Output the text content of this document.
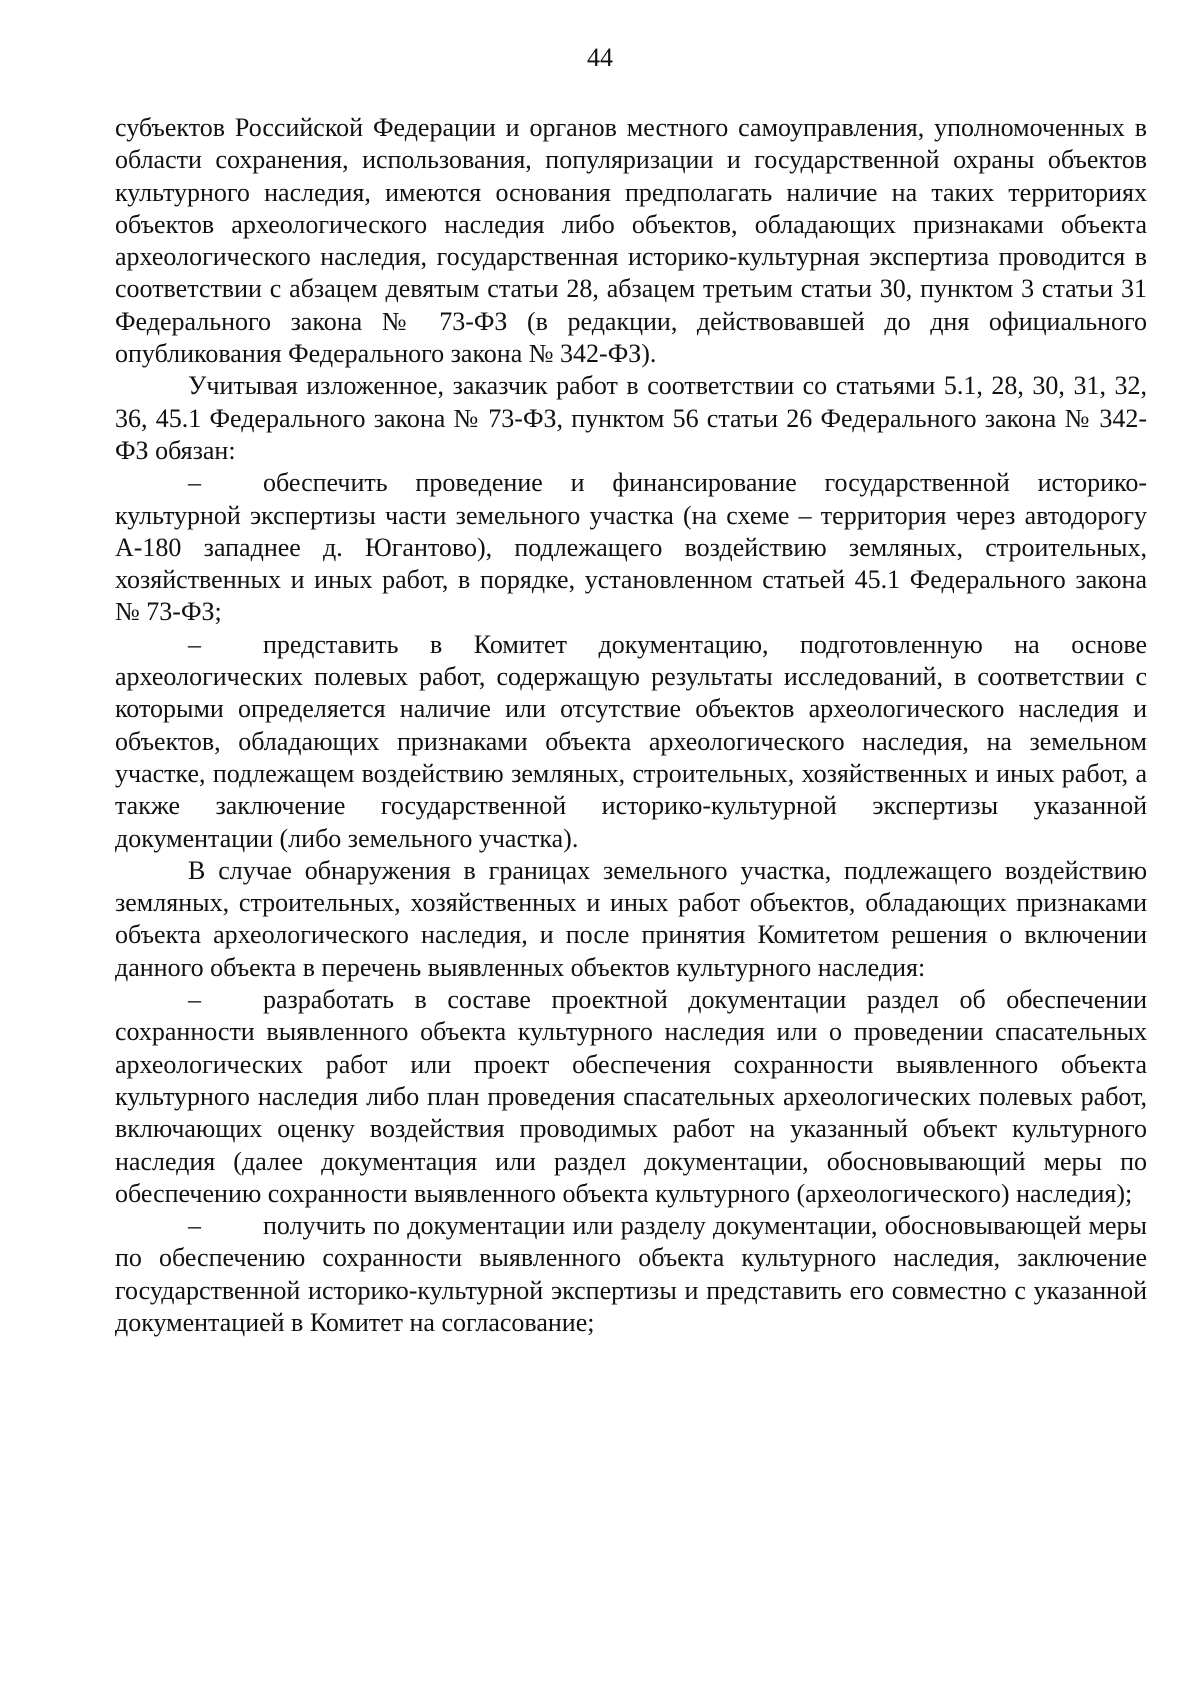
44

субъектов Российской Федерации и органов местного самоуправления, уполномоченных в области сохранения, использования, популяризации и государственной охраны объектов культурного наследия, имеются основания предполагать наличие на таких территориях объектов археологического наследия либо объектов, обладающих признаками объекта археологического наследия, государственная историко-культурная экспертиза проводится в соответствии с абзацем девятым статьи 28, абзацем третьим статьи 30, пунктом 3 статьи 31 Федерального закона № 73-ФЗ (в редакции, действовавшей до дня официального опубликования Федерального закона № 342-ФЗ).

Учитывая изложенное, заказчик работ в соответствии со статьями 5.1, 28, 30, 31, 32, 36, 45.1 Федерального закона № 73-ФЗ, пунктом 56 статьи 26 Федерального закона № 342-ФЗ обязан:

– обеспечить проведение и финансирование государственной историко-культурной экспертизы части земельного участка (на схеме – территория через автодорогу А-180 западнее д. Югантово), подлежащего воздействию земляных, строительных, хозяйственных и иных работ, в порядке, установленном статьей 45.1 Федерального закона № 73-ФЗ;

– представить в Комитет документацию, подготовленную на основе археологических полевых работ, содержащую результаты исследований, в соответствии с которыми определяется наличие или отсутствие объектов археологического наследия и объектов, обладающих признаками объекта археологического наследия, на земельном участке, подлежащем воздействию земляных, строительных, хозяйственных и иных работ, а также заключение государственной историко-культурной экспертизы указанной документации (либо земельного участка).

В случае обнаружения в границах земельного участка, подлежащего воздействию земляных, строительных, хозяйственных и иных работ объектов, обладающих признаками объекта археологического наследия, и после принятия Комитетом решения о включении данного объекта в перечень выявленных объектов культурного наследия:

– разработать в составе проектной документации раздел об обеспечении сохранности выявленного объекта культурного наследия или о проведении спасательных археологических работ или проект обеспечения сохранности выявленного объекта культурного наследия либо план проведения спасательных археологических полевых работ, включающих оценку воздействия проводимых работ на указанный объект культурного наследия (далее документация или раздел документации, обосновывающий меры по обеспечению сохранности выявленного объекта культурного (археологического) наследия);

– получить по документации или разделу документации, обосновывающей меры по обеспечению сохранности выявленного объекта культурного наследия, заключение государственной историко-культурной экспертизы и представить его совместно с указанной документацией в Комитет на согласование;
